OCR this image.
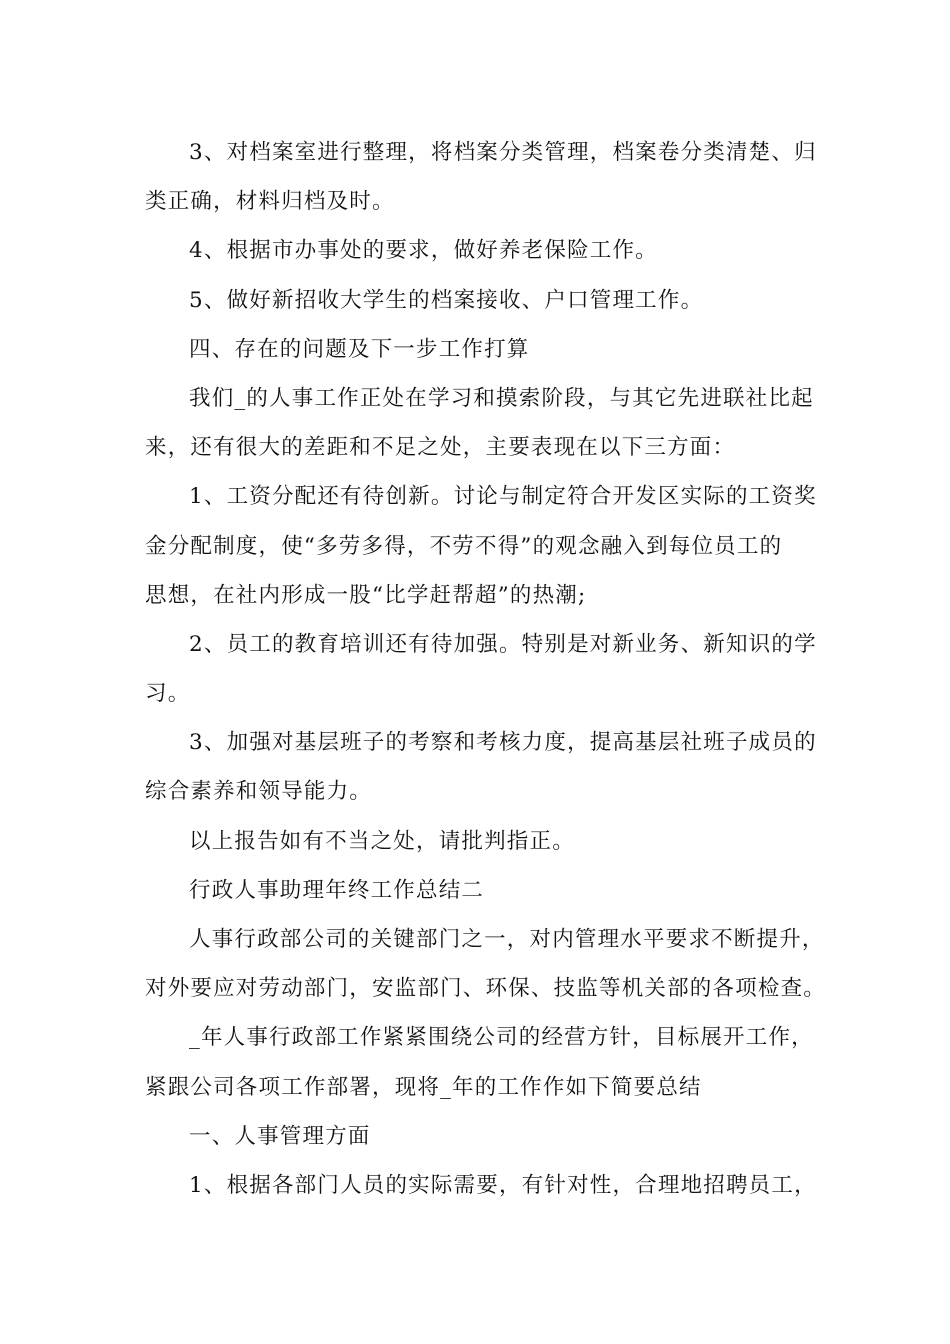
3、对档案室进行整理，将档案分类管理，档案卷分类清楚、归
类正确，材料归档及时。
4、根据市办事处的要求，做好养老保险工作。
5、做好新招收大学生的档案接收、户口管理工作。
四、存在的问题及下一步工作打算
我们_的人事工作正处在学习和摸索阶段，与其它先进联社比起
来，还有很大的差距和不足之处，主要表现在以下三方面：
1、工资分配还有待创新。讨论与制定符合开发区实际的工资奖
金分配制度，使“多劳多得，不劳不得”的观念融入到每位员工的
思想，在社内形成一股“比学赶帮超”的热潮;
2、员工的教育培训还有待加强。特别是对新业务、新知识的学
习。
3、加强对基层班子的考察和考核力度，提高基层社班子成员的
综合素养和领导能力。
以上报告如有不当之处，请批判指正。
行政人事助理年终工作总结二
人事行政部公司的关键部门之一，对内管理水平要求不断提升，
对外要应对劳动部门，安监部门、环保、技监等机关部的各项检查。
_年人事行政部工作紧紧围绕公司的经营方针，目标展开工作，
紧跟公司各项工作部署，现将_年的工作作如下简要总结
一、人事管理方面
1、根据各部门人员的实际需要，有针对性，合理地招聘员工，
